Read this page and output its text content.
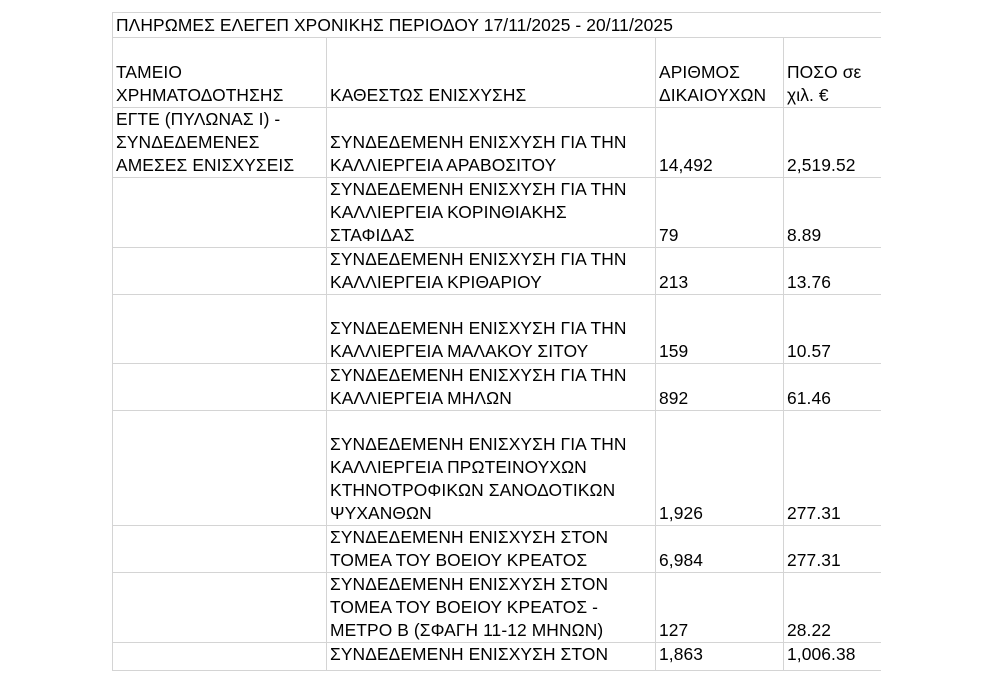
ΠΛΗΡΩΜΕΣ ΕΛΕΓΕΠ ΧΡΟΝΙΚΗΣ ΠΕΡΙΟΔΟΥ 17/11/2025 - 20/11/2025			
ΤΑΜΕΙΟ ΧΡΗΜΑΤΟΔΟΤΗΣΗΣ	ΚΑΘΕΣΤΩΣ ΕΝΙΣΧΥΣΗΣ	ΑΡΙΘΜΟΣ ΔΙΚΑΙΟΥΧΩΝ	ΠΟΣΟ σε χιλ. €
ΕΓΤΕ (ΠΥΛΩΝΑΣ Ι) - ΣΥΝΔΕΔΕΜΕΝΕΣ ΑΜΕΣΕΣ ΕΝΙΣΧΥΣΕΙΣ	ΣΥΝΔΕΔΕΜΕΝΗ ΕΝΙΣΧΥΣΗ ΓΙΑ ΤΗΝ ΚΑΛΛΙΕΡΓΕΙΑ ΑΡΑΒΟΣΙΤΟΥ	14,492	2,519.52
	ΣΥΝΔΕΔΕΜΕΝΗ ΕΝΙΣΧΥΣΗ ΓΙΑ ΤΗΝ ΚΑΛΛΙΕΡΓΕΙΑ ΚΟΡΙΝΘΙΑΚΗΣ ΣΤΑΦΙΔΑΣ	79	8.89
	ΣΥΝΔΕΔΕΜΕΝΗ ΕΝΙΣΧΥΣΗ ΓΙΑ ΤΗΝ ΚΑΛΛΙΕΡΓΕΙΑ ΚΡΙΘΑΡΙΟΥ	213	13.76
	ΣΥΝΔΕΔΕΜΕΝΗ ΕΝΙΣΧΥΣΗ ΓΙΑ ΤΗΝ ΚΑΛΛΙΕΡΓΕΙΑ ΜΑΛΑΚΟΥ ΣΙΤΟΥ	159	10.57
	ΣΥΝΔΕΔΕΜΕΝΗ ΕΝΙΣΧΥΣΗ ΓΙΑ ΤΗΝ ΚΑΛΛΙΕΡΓΕΙΑ ΜΗΛΩΝ	892	61.46
	ΣΥΝΔΕΔΕΜΕΝΗ ΕΝΙΣΧΥΣΗ ΓΙΑ ΤΗΝ ΚΑΛΛΙΕΡΓΕΙΑ ΠΡΩΤΕΙΝΟΥΧΩΝ ΚΤΗΝΟΤΡΟΦΙΚΩΝ ΣΑΝΟΔΟΤΙΚΩΝ ΨΥΧΑΝΘΩΝ	1,926	277.31
	ΣΥΝΔΕΔΕΜΕΝΗ ΕΝΙΣΧΥΣΗ ΣΤΟΝ ΤΟΜΕΑ ΤΟΥ ΒΟΕΙΟΥ ΚΡΕΑΤΟΣ	6,984	277.31
	ΣΥΝΔΕΔΕΜΕΝΗ ΕΝΙΣΧΥΣΗ ΣΤΟΝ ΤΟΜΕΑ ΤΟΥ ΒΟΕΙΟΥ ΚΡΕΑΤΟΣ - ΜΕΤΡΟ Β (ΣΦΑΓΗ 11-12 ΜΗΝΩΝ)	127	28.22
	ΣΥΝΔΕΔΕΜΕΝΗ ΕΝΙΣΧΥΣΗ ΣΤΟΝ	1,863	1,006.38
